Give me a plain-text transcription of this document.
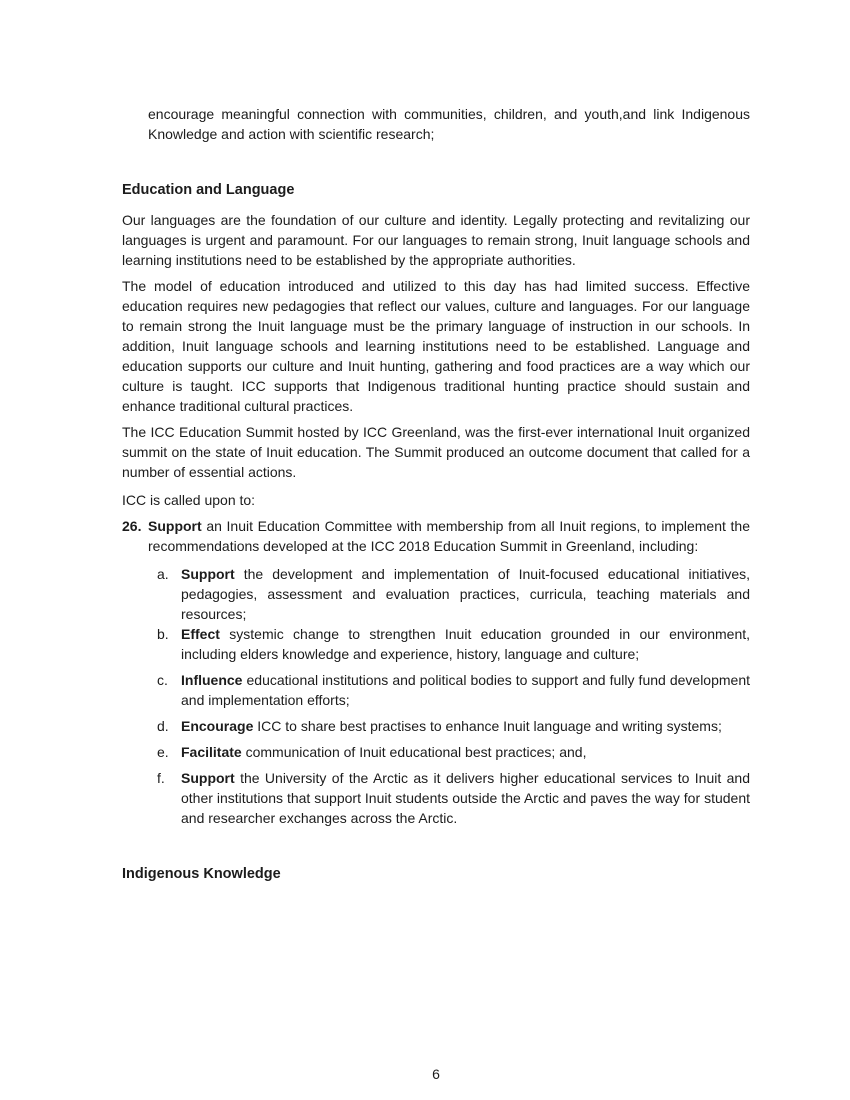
encourage meaningful connection with communities, children, and youth,and link Indigenous Knowledge and action with scientific research;

Education and Language

Our languages are the foundation of our culture and identity. Legally protecting and revitalizing our languages is urgent and paramount. For our languages to remain strong, Inuit language schools and learning institutions need to be established by the appropriate authorities.

The model of education introduced and utilized to this day has had limited success. Effective education requires new pedagogies that reflect our values, culture and languages. For our language to remain strong the Inuit language must be the primary language of instruction in our schools. In addition, Inuit language schools and learning institutions need to be established. Language and education supports our culture and Inuit hunting, gathering and food practices are a way which our culture is taught. ICC supports that Indigenous traditional hunting practice should sustain and enhance traditional cultural practices.

The ICC Education Summit hosted by ICC Greenland, was the first-ever international Inuit organized summit on the state of Inuit education. The Summit produced an outcome document that called for a number of essential actions.

ICC is called upon to:

26. Support an Inuit Education Committee with membership from all Inuit regions, to implement the recommendations developed at the ICC 2018 Education Summit in Greenland, including:
a. Support the development and implementation of Inuit-focused educational initiatives, pedagogies, assessment and evaluation practices, curricula, teaching materials and resources;
b. Effect systemic change to strengthen Inuit education grounded in our environment, including elders knowledge and experience, history, language and culture;
c. Influence educational institutions and political bodies to support and fully fund development and implementation efforts;
d. Encourage ICC to share best practises to enhance Inuit language and writing systems;
e. Facilitate communication of Inuit educational best practices; and,
f.	Support the University of the Arctic as it delivers higher educational services to Inuit and other institutions that support Inuit students outside the Arctic and paves the way for student and researcher exchanges across the Arctic.
Indigenous Knowledge
6
